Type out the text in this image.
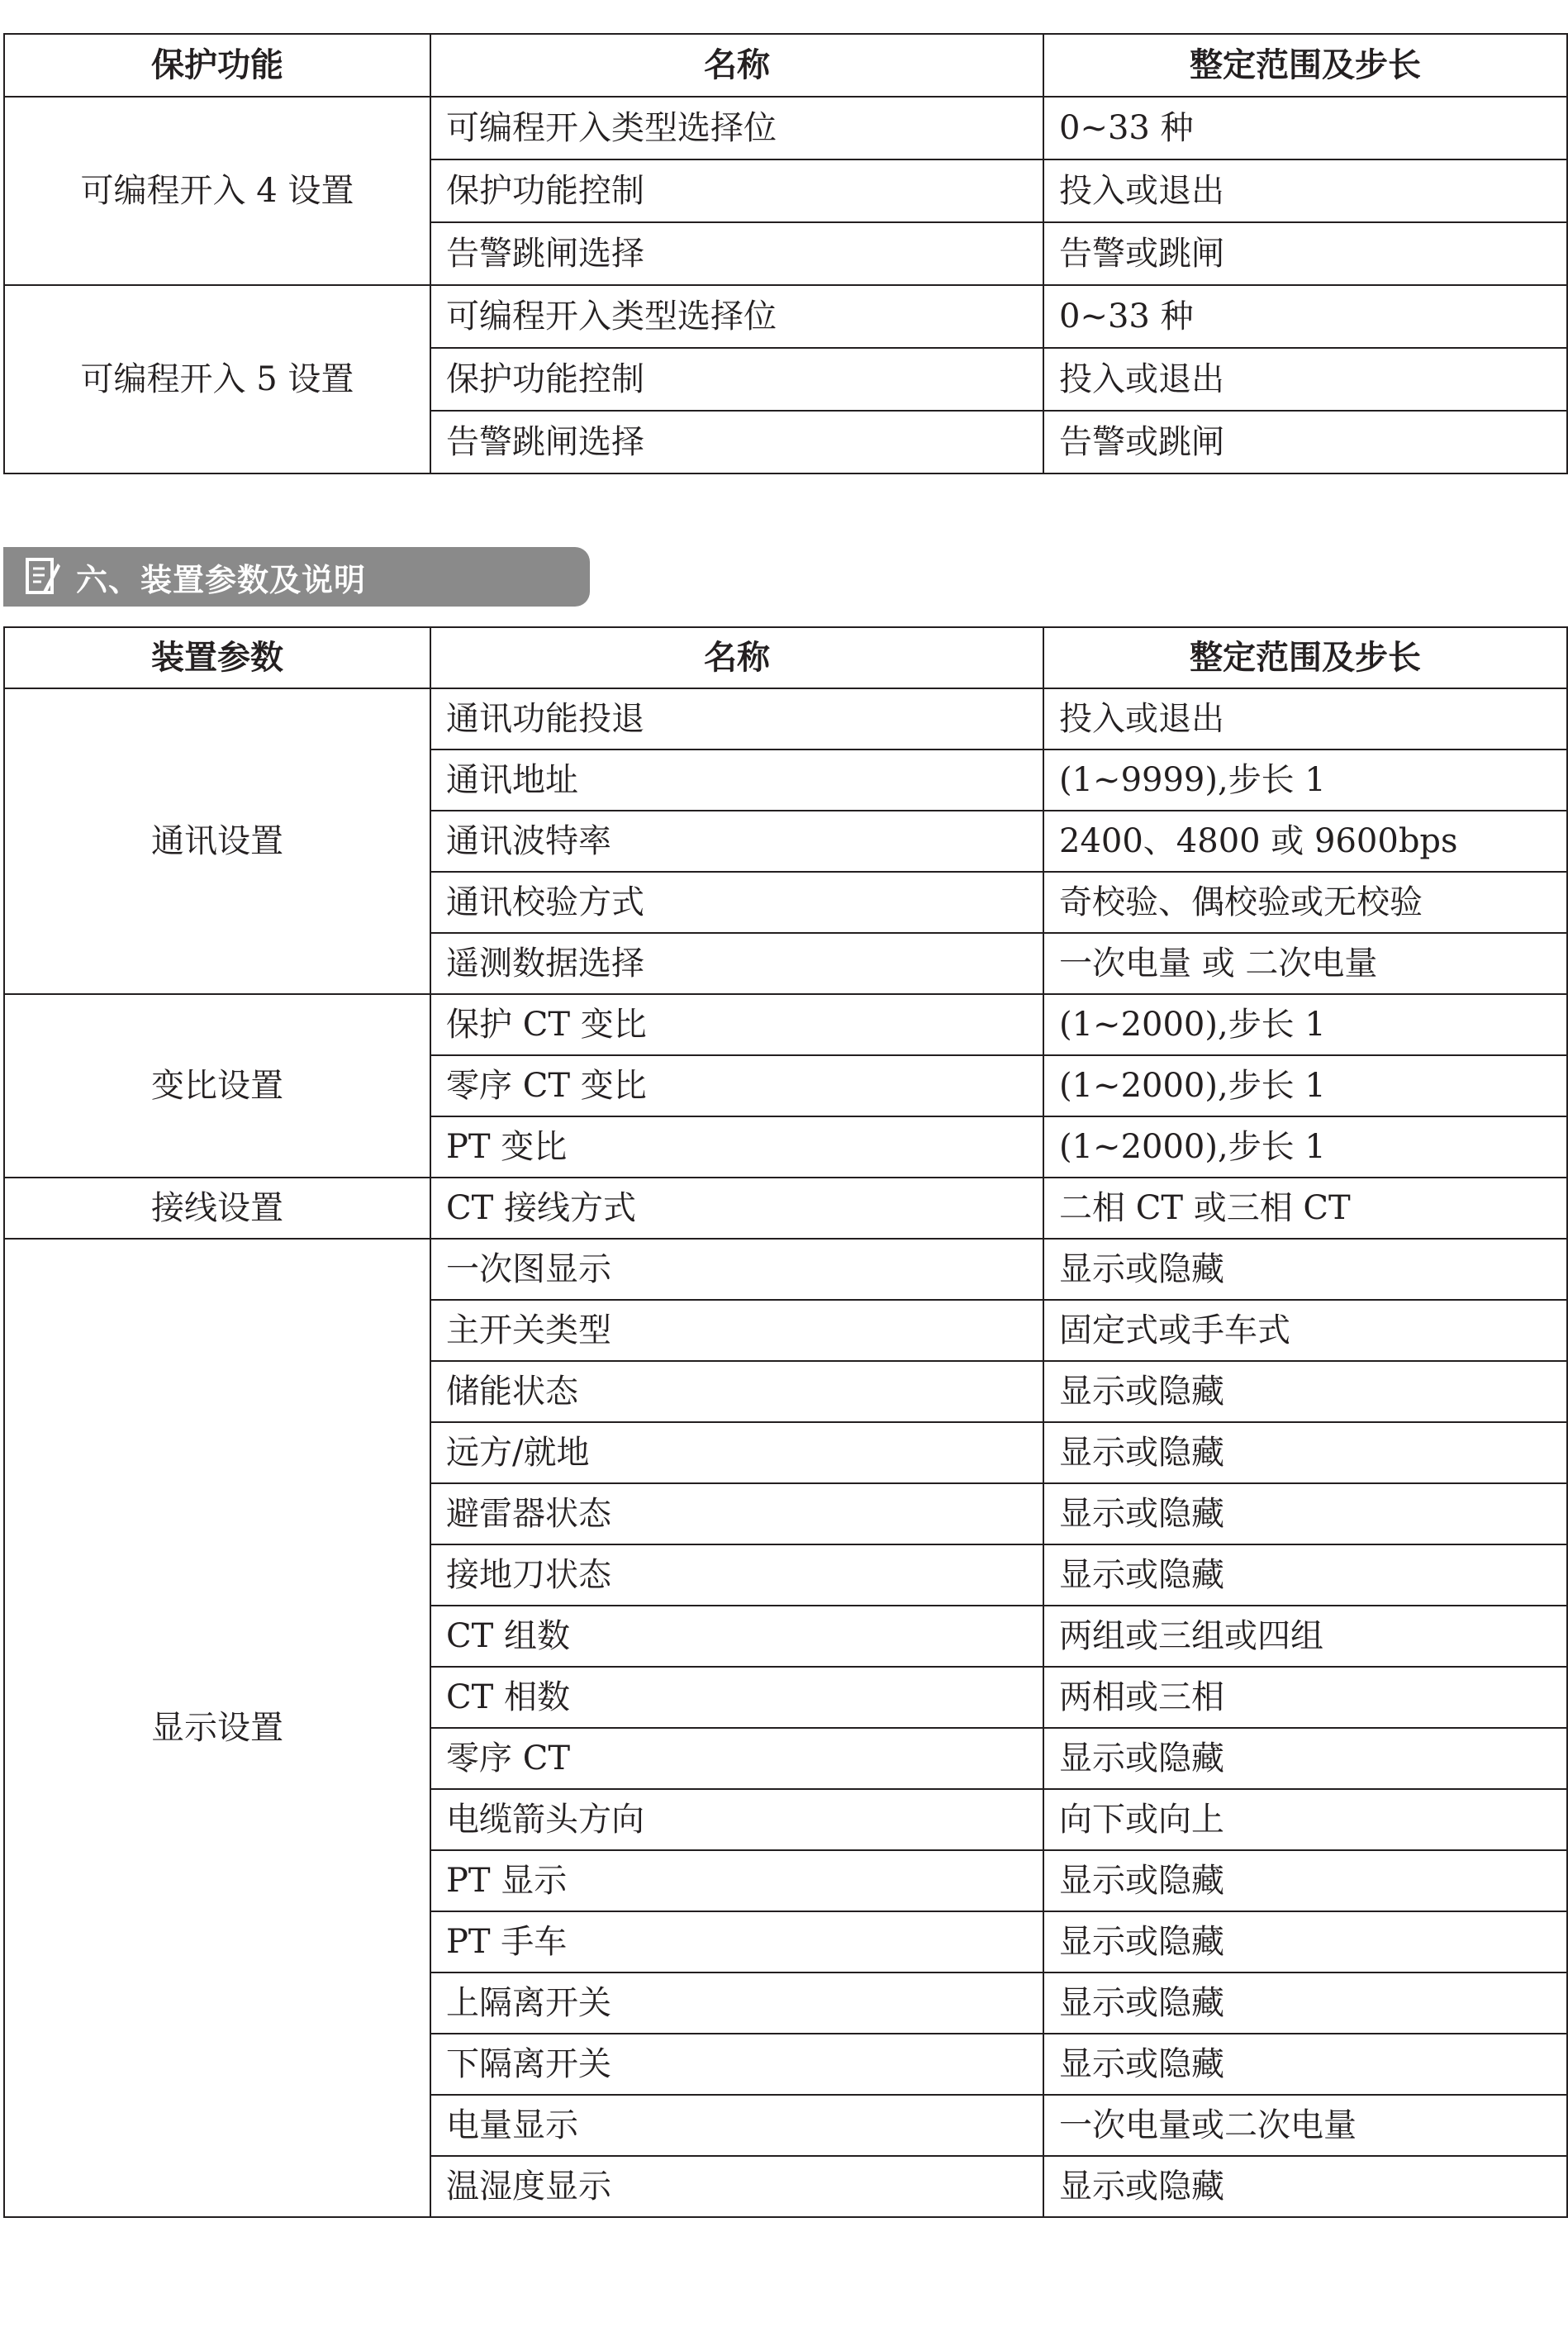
保护功能	名称	整定范围及步长
可编程开入 4 设置	可编程开入类型选择位	0~33 种
	保护功能控制	投入或退出
	告警跳闸选择	告警或跳闸
可编程开入 5 设置	可编程开入类型选择位	0~33 种
	保护功能控制	投入或退出
	告警跳闸选择	告警或跳闸
六、装置参数及说明
装置参数	名称	整定范围及步长
通讯设置	通讯功能投退	投入或退出
	通讯地址	(1~9999),步长 1
	通讯波特率	2400、4800 或 9600bps
	通讯校验方式	奇校验、偶校验或无校验
	遥测数据选择	一次电量 或 二次电量
变比设置	保护 CT 变比	(1~2000),步长 1
	零序 CT 变比	(1~2000),步长 1
	PT 变比	(1~2000),步长 1
接线设置	CT 接线方式	二相 CT 或三相 CT
显示设置	一次图显示	显示或隐藏
	主开关类型	固定式或手车式
	储能状态	显示或隐藏
	远方/就地	显示或隐藏
	避雷器状态	显示或隐藏
	接地刀状态	显示或隐藏
	CT 组数	两组或三组或四组
	CT 相数	两相或三相
	零序 CT	显示或隐藏
	电缆箭头方向	向下或向上
	PT 显示	显示或隐藏
	PT 手车	显示或隐藏
	上隔离开关	显示或隐藏
	下隔离开关	显示或隐藏
	电量显示	一次电量或二次电量
	温湿度显示	显示或隐藏
